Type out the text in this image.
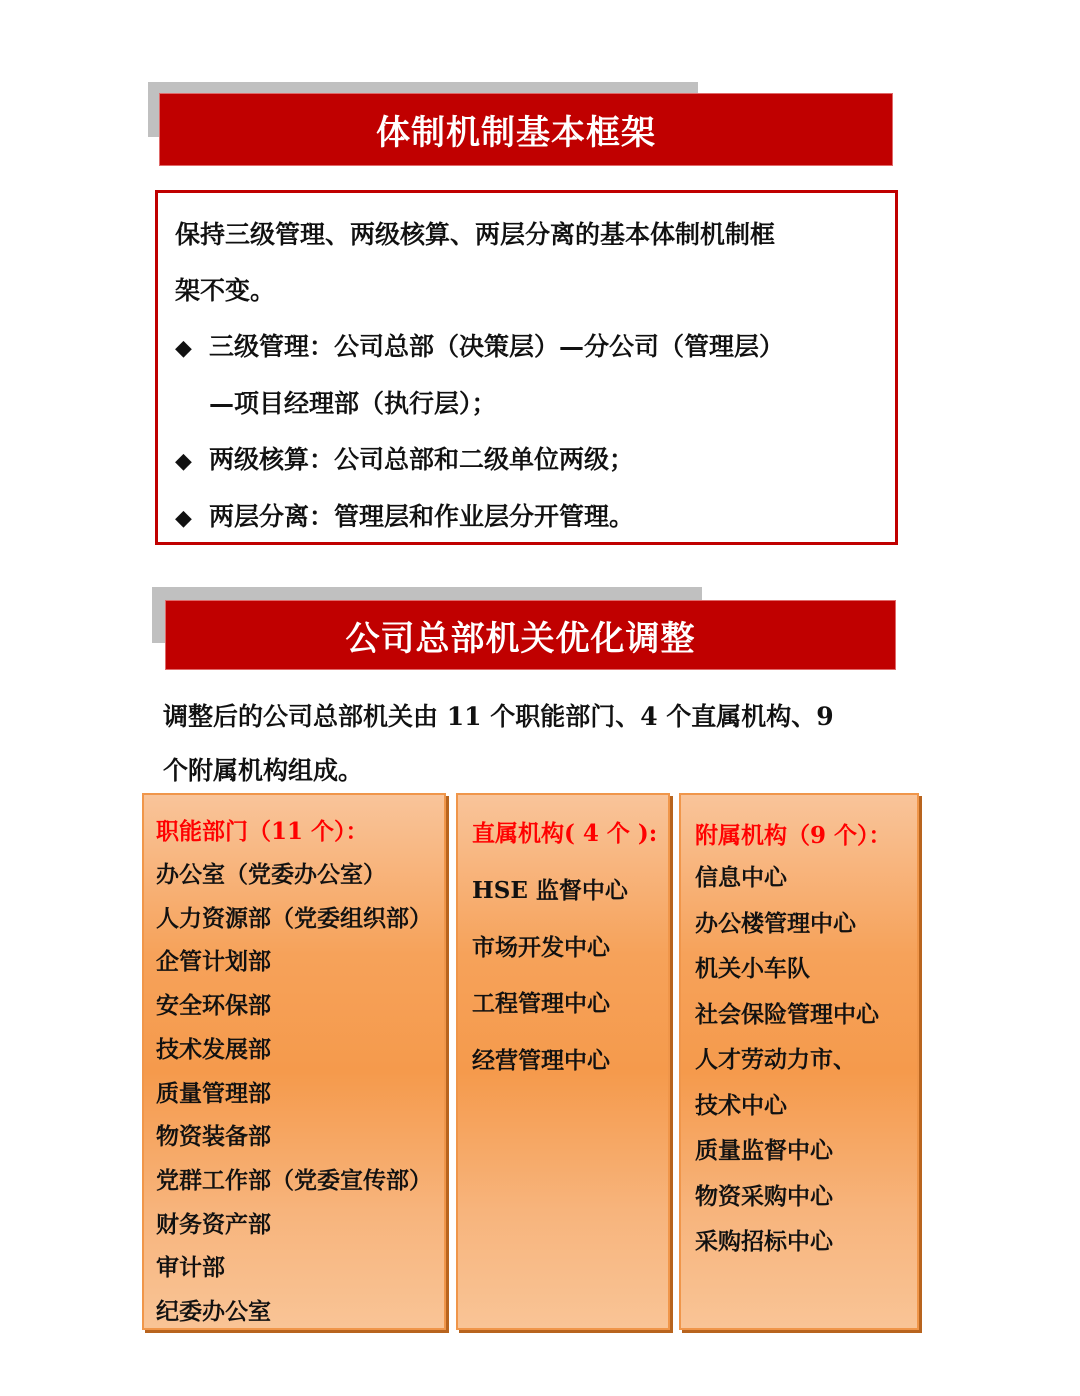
体制机制基本框架
保持三级管理、两级核算、两层分离的基本体制机制框
架不变。
◆ 三级管理：公司总部（决策层）—分公司（管理层）
—项目经理部（执行层）；
◆ 两级核算：公司总部和二级单位两级；
◆ 两层分离：管理层和作业层分开管理。
公司总部机关优化调整
调整后的公司总部机关由 11 个职能部门、4 个直属机构、9
个附属机构组成。
职能部门（11 个）：
办公室（党委办公室）
人力资源部（党委组织部）
企管计划部
安全环保部
技术发展部
质量管理部
物资装备部
党群工作部（党委宣传部）
财务资产部
审计部
纪委办公室
直属机构( 4 个 ):
HSE 监督中心
市场开发中心
工程管理中心
经营管理中心
附属机构（9 个）：
信息中心
办公楼管理中心
机关小车队
社会保险管理中心
人才劳动力市、
技术中心
质量监督中心
物资采购中心
采购招标中心
